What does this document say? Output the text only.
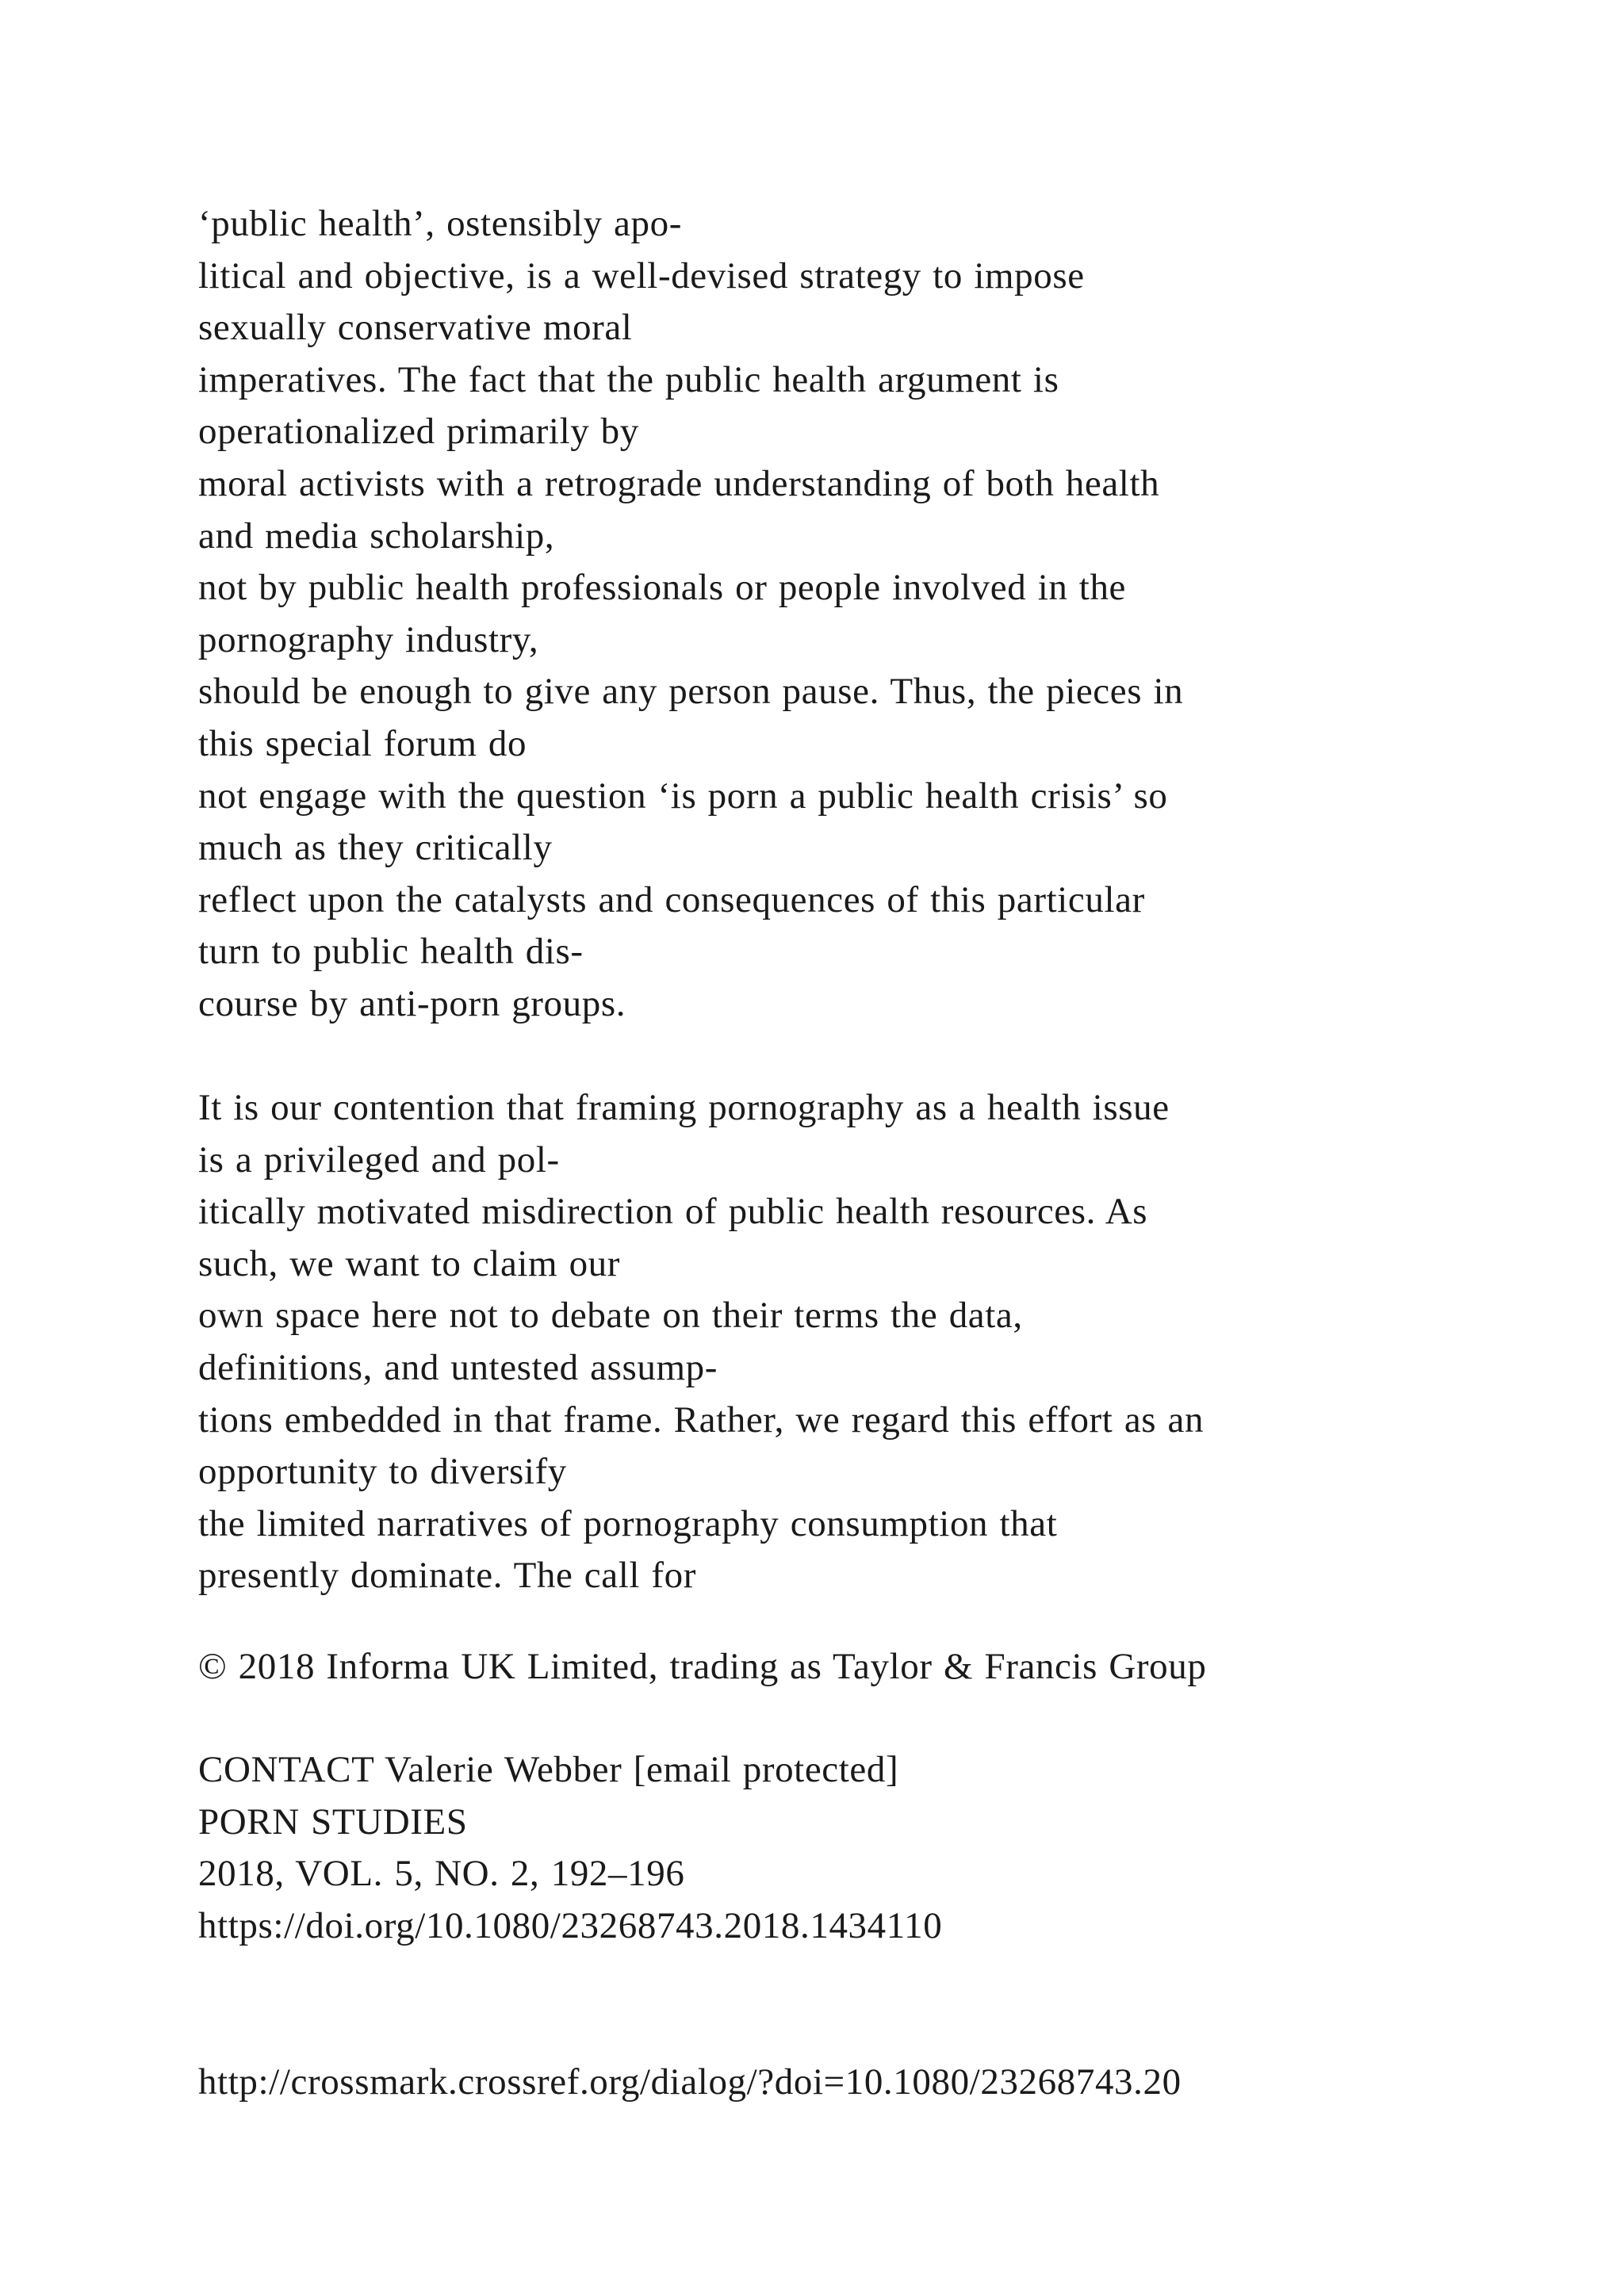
‘public health’, ostensibly apo-
litical and objective, is a well-devised strategy to impose
sexually conservative moral
imperatives. The fact that the public health argument is
operationalized primarily by
moral activists with a retrograde understanding of both health
and media scholarship,
not by public health professionals or people involved in the
pornography industry,
should be enough to give any person pause. Thus, the pieces in
this special forum do
not engage with the question ‘is porn a public health crisis’ so
much as they critically
reflect upon the catalysts and consequences of this particular
turn to public health dis-
course by anti-porn groups.
It is our contention that framing pornography as a health issue
is a privileged and pol-
itically motivated misdirection of public health resources. As
such, we want to claim our
own space here not to debate on their terms the data,
definitions, and untested assump-
tions embedded in that frame. Rather, we regard this effort as an
opportunity to diversify
the limited narratives of pornography consumption that
presently dominate. The call for
© 2018 Informa UK Limited, trading as Taylor & Francis Group
CONTACT Valerie Webber [email protected]
PORN STUDIES
2018, VOL. 5, NO. 2, 192–196
https://doi.org/10.1080/23268743.2018.1434110
http://crossmark.crossref.org/dialog/?doi=10.1080/23268743.20
